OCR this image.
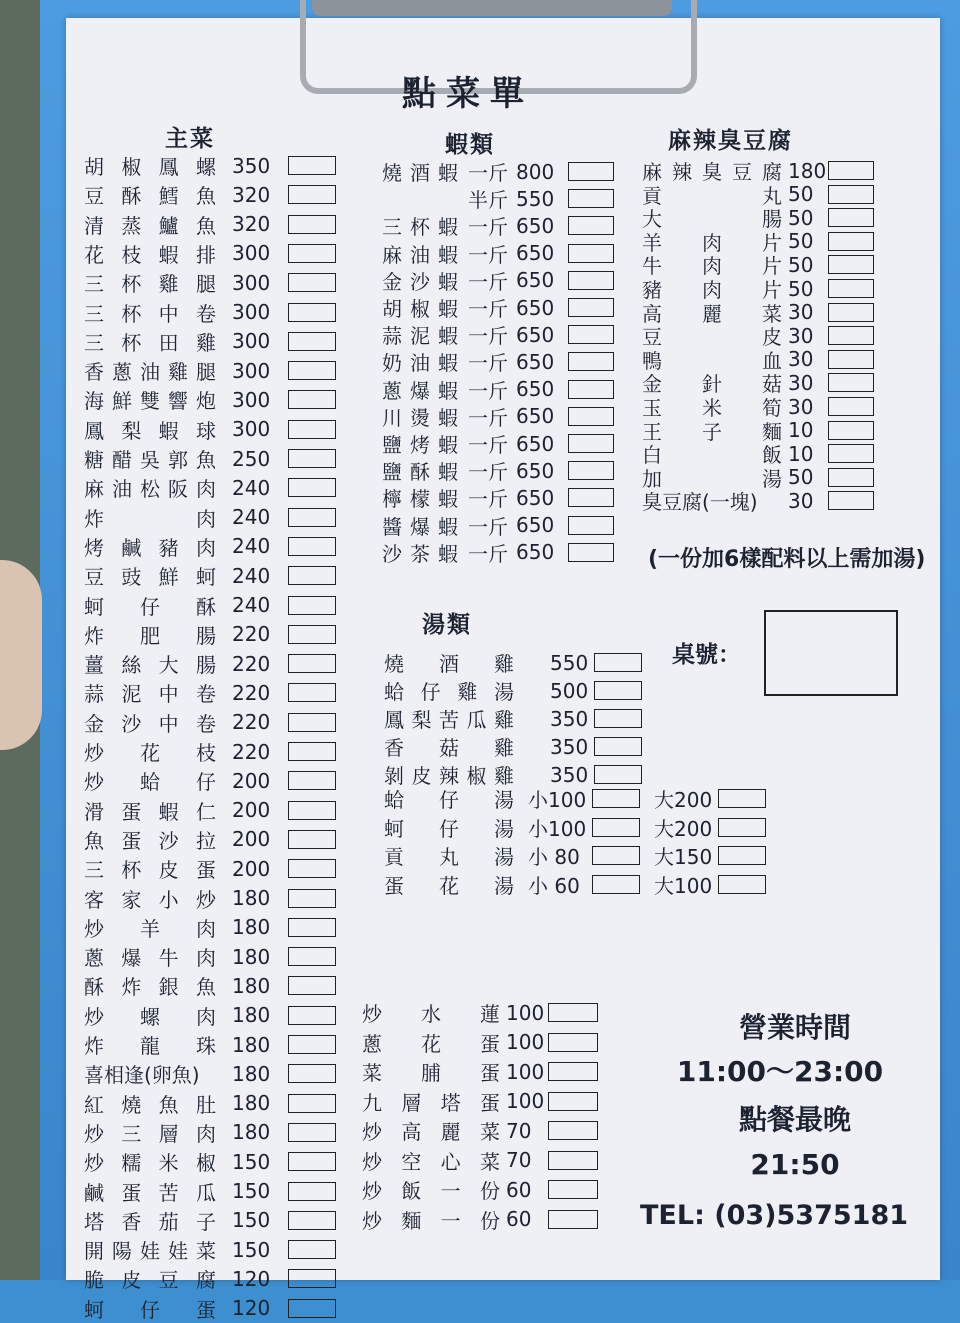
點菜單
主菜	蝦類	麻辣臭豆腐
湯類
胡 椒 鳳 螺 350
豆 酥 鱈 魚 320
清 蒸 鱸 魚 320
花 枝 蝦 排 300
三 杯 雞 腿 300
三 杯 中 卷 300
三 杯 田 雞 300
香 蔥 油 雞 腿 300
海 鮮 雙 響 炮 300
鳳 梨 蝦 球 300
糖 醋 吳 郭 魚 250
麻 油 松 阪 肉 240
炸	肉 240
烤 鹹 豬 肉 240
豆 豉 鮮 蚵 240
蚵 仔 酥 240
炸 肥 腸 220
薑 絲 大 腸 220
蒜 泥 中 卷 220
金 沙 中 卷 220
炒 花 枝 220
炒 蛤 仔 200
滑 蛋 蝦 仁 200
魚 蛋 沙 拉 200
三 杯 皮 蛋 200
客 家 小 炒 180
炒 羊 肉 180
蔥 爆 牛 肉 180
酥 炸 銀 魚 180
炒 螺 肉 180
炸 龍 珠 180
喜相逢(卵魚)	180
紅 燒 魚 肚 180
炒 三 層 肉 180
炒 糯 米 椒 150
鹹 蛋 苦 瓜 150
塔 香 茄 子 150
開 陽 娃 娃 菜 150
脆 皮 豆 腐 120
蚵 仔 蛋 120
燒 酒 蝦 一斤 800
半斤 550
三 杯 蝦 一斤 650
麻 油 蝦 一斤 650
金 沙 蝦 一斤 650
胡 椒 蝦 一斤 650
蒜 泥 蝦 一斤 650
奶 油 蝦 一斤 650
蔥 爆 蝦 一斤 650
川 燙 蝦 一斤 650
鹽 烤 蝦 一斤 650
鹽 酥 蝦 一斤 650
檸 檬 蝦 一斤 650
醬 爆 蝦 一斤 650
沙 茶 蝦 一斤 650
麻 辣 臭 豆 腐 180
貢	丸 50
大	腸 50
羊 肉 片 50
牛 肉 片 50
豬 肉 片 50
高 麗 菜 30
豆	皮 30
鴨	血 30
金 針 菇 30
玉 米 筍 30
王 子 麵 10
白	飯 10
加	湯 50
臭豆腐(一塊)	30
燒 酒 雞 550
蛤 仔 雞 湯 500
鳳 梨 苦 瓜 雞 350
香 菇 雞 350
剝 皮 辣 椒 雞 350
蛤 仔 湯 小100	大200
蚵 仔 湯 小100	大200
貢 丸 湯 小 80	大150
蛋 花 湯 小 60	大100
炒 水 蓮 100
蔥 花 蛋 100
菜 脯 蛋 100
九 層 塔 蛋 100
炒 高 麗 菜 70
炒 空 心 菜 70
炒 飯 一 份 60
炒 麵 一 份 60
(一份加6樣配料以上需加湯)
桌號：
營業時間
11:00～23:00
點餐最晚
21:50
TEL: (03)5375181
